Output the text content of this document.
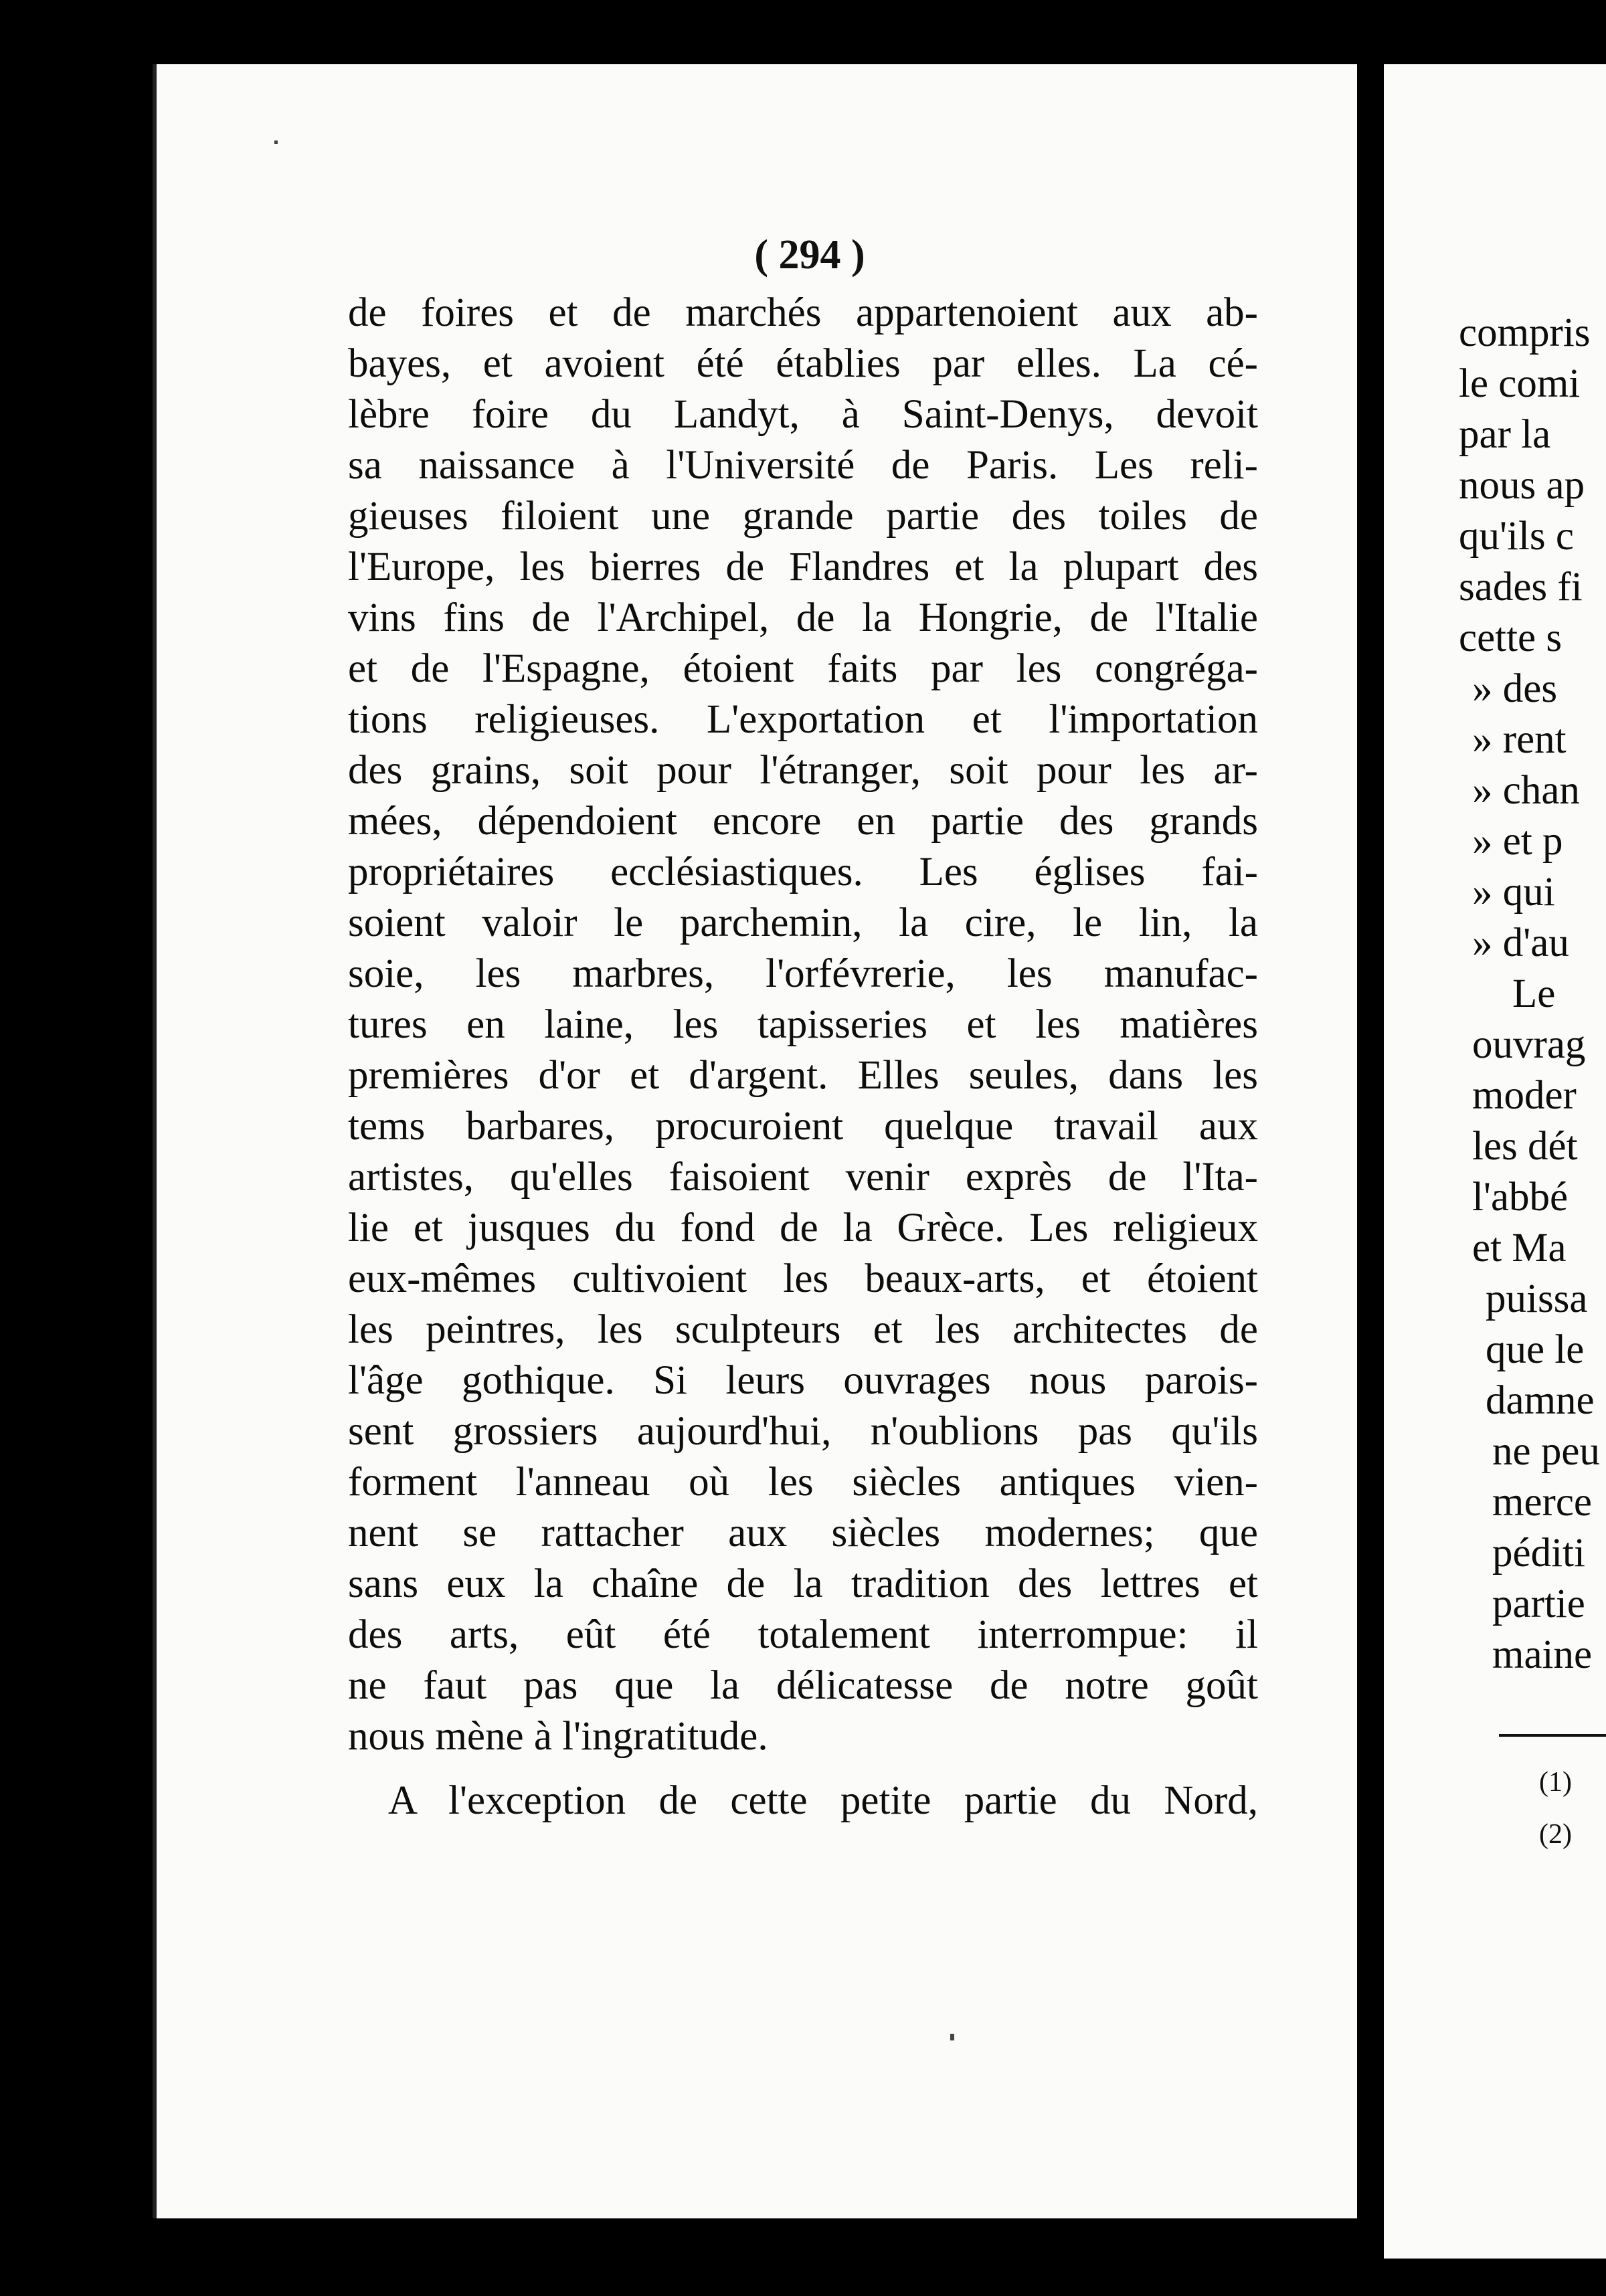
( 294 )
de foires et de marchés appartenoient aux ab-
bayes, et avoient été établies par elles. La cé-
lèbre foire du Landyt, à Saint-Denys, devoit
sa naissance à l'Université de Paris. Les reli-
gieuses filoient une grande partie des toiles de
l'Europe, les bierres de Flandres et la plupart des
vins fins de l'Archipel, de la Hongrie, de l'Italie
et de l'Espagne, étoient faits par les congréga-
tions religieuses. L'exportation et l'importation
des grains, soit pour l'étranger, soit pour les ar-
mées, dépendoient encore en partie des grands
propriétaires ecclésiastiques. Les églises fai-
soient valoir le parchemin, la cire, le lin, la
soie, les marbres, l'orfévrerie, les manufac-
tures en laine, les tapisseries et les matières
premières d'or et d'argent. Elles seules, dans les
tems barbares, procuroient quelque travail aux
artistes, qu'elles faisoient venir exprès de l'Ita-
lie et jusques du fond de la Grèce. Les religieux
eux-mêmes cultivoient les beaux-arts, et étoient
les peintres, les sculpteurs et les architectes de
l'âge gothique. Si leurs ouvrages nous parois-
sent grossiers aujourd'hui, n'oublions pas qu'ils
forment l'anneau où les siècles antiques vien-
nent se rattacher aux siècles modernes; que
sans eux la chaîne de la tradition des lettres et
des arts, eût été totalement interrompue: il
ne faut pas que la délicatesse de notre goût
nous mène à l'ingratitude.
A l'exception de cette petite partie du Nord,
compris
le comi
par la
nous ap
qu'ils c
sades fi
cette s
» des
» rent
» chan
» et p
» qui
» d'au
Le
ouvrag
moder
les dét
l'abbé
et Ma
puissa
que le
damne
ne peu
merce
péditi
partie
maine
(1)
(2)
